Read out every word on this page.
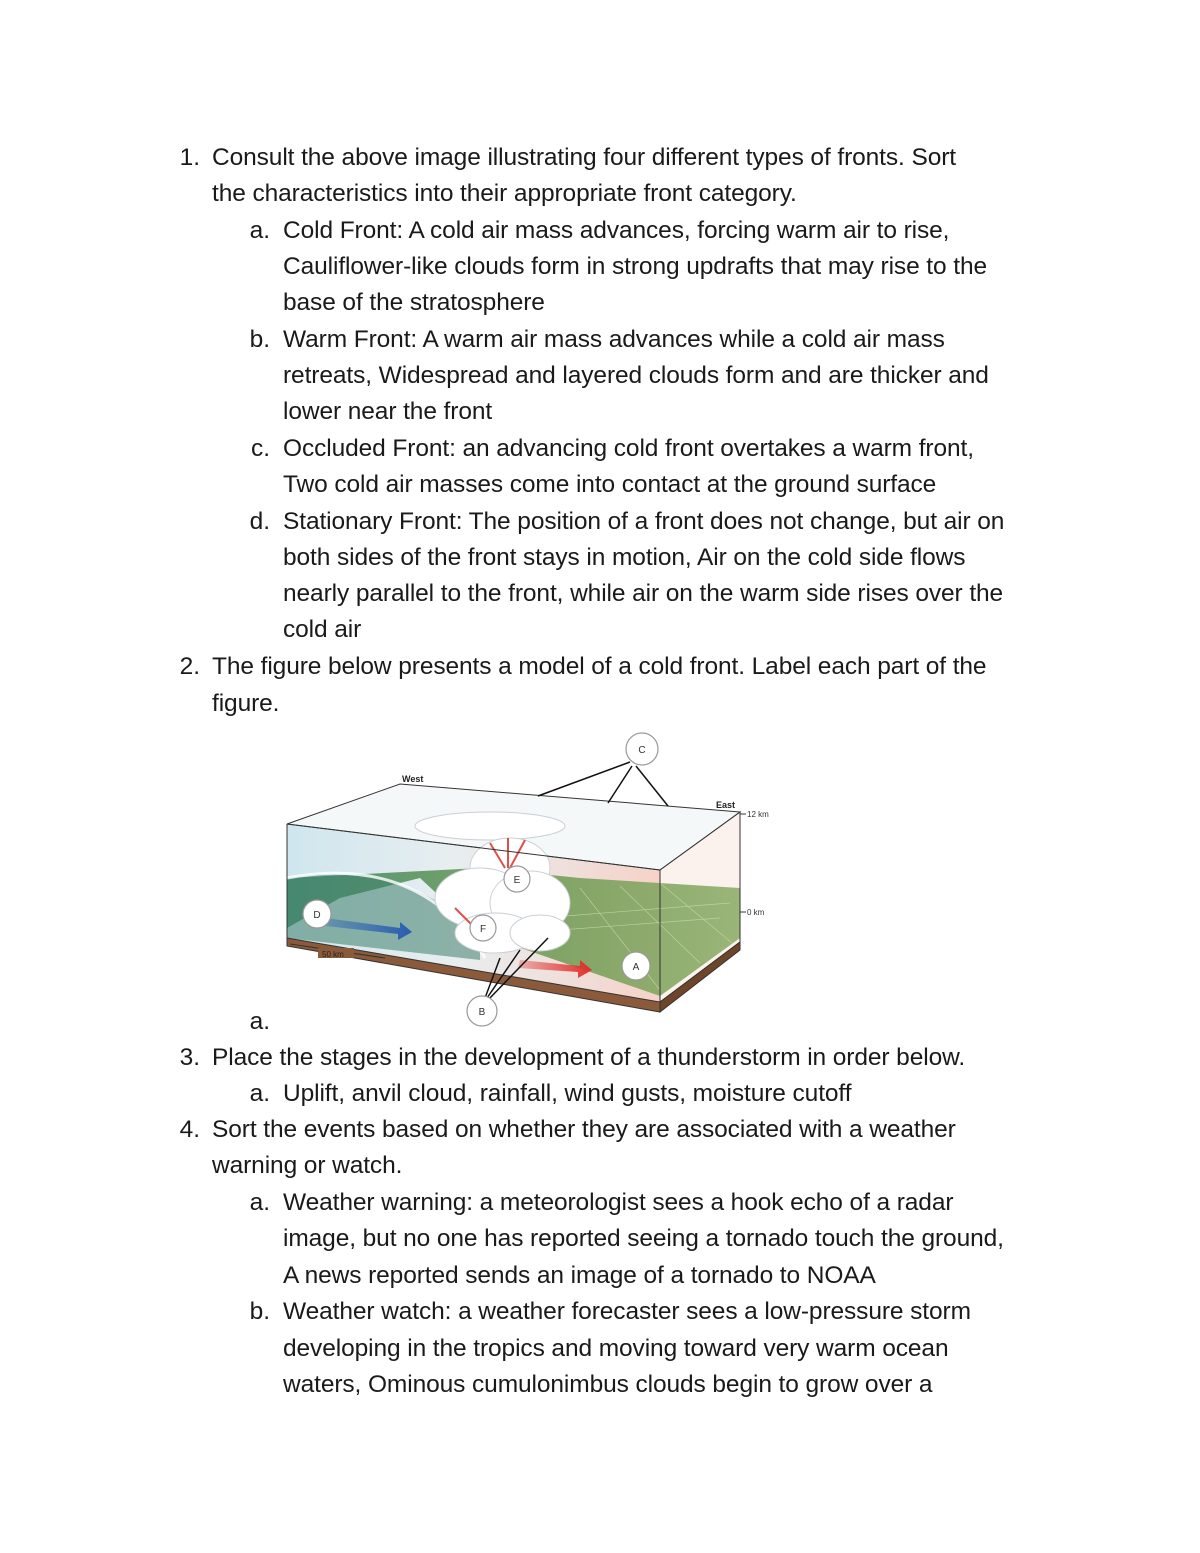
1. Consult the above image illustrating four different types of fronts. Sort
the characteristics into their appropriate front category.
a. Cold Front: A cold air mass advances, forcing warm air to rise,
Cauliflower-like clouds form in strong updrafts that may rise to the
base of the stratosphere
b. Warm Front: A warm air mass advances while a cold air mass
retreats, Widespread and layered clouds form and are thicker and
lower near the front
c. Occluded Front: an advancing cold front overtakes a warm front,
Two cold air masses come into contact at the ground surface
d. Stationary Front: The position of a front does not change, but air on
both sides of the front stays in motion, Air on the cold side flows
nearly parallel to the front, while air on the warm side rises over the
cold air
2. The figure below presents a model of a cold front. Label each part of the
figure.
West
East
12 km
0 km
50 km
C
D
E
F
A
B
a.
3. Place the stages in the development of a thunderstorm in order below.
a. Uplift, anvil cloud, rainfall, wind gusts, moisture cutoff
4. Sort the events based on whether they are associated with a weather
warning or watch.
a. Weather warning: a meteorologist sees a hook echo of a radar
image, but no one has reported seeing a tornado touch the ground,
A news reported sends an image of a tornado to NOAA
b. Weather watch: a weather forecaster sees a low-pressure storm
developing in the tropics and moving toward very warm ocean
waters, Ominous cumulonimbus clouds begin to grow over a
